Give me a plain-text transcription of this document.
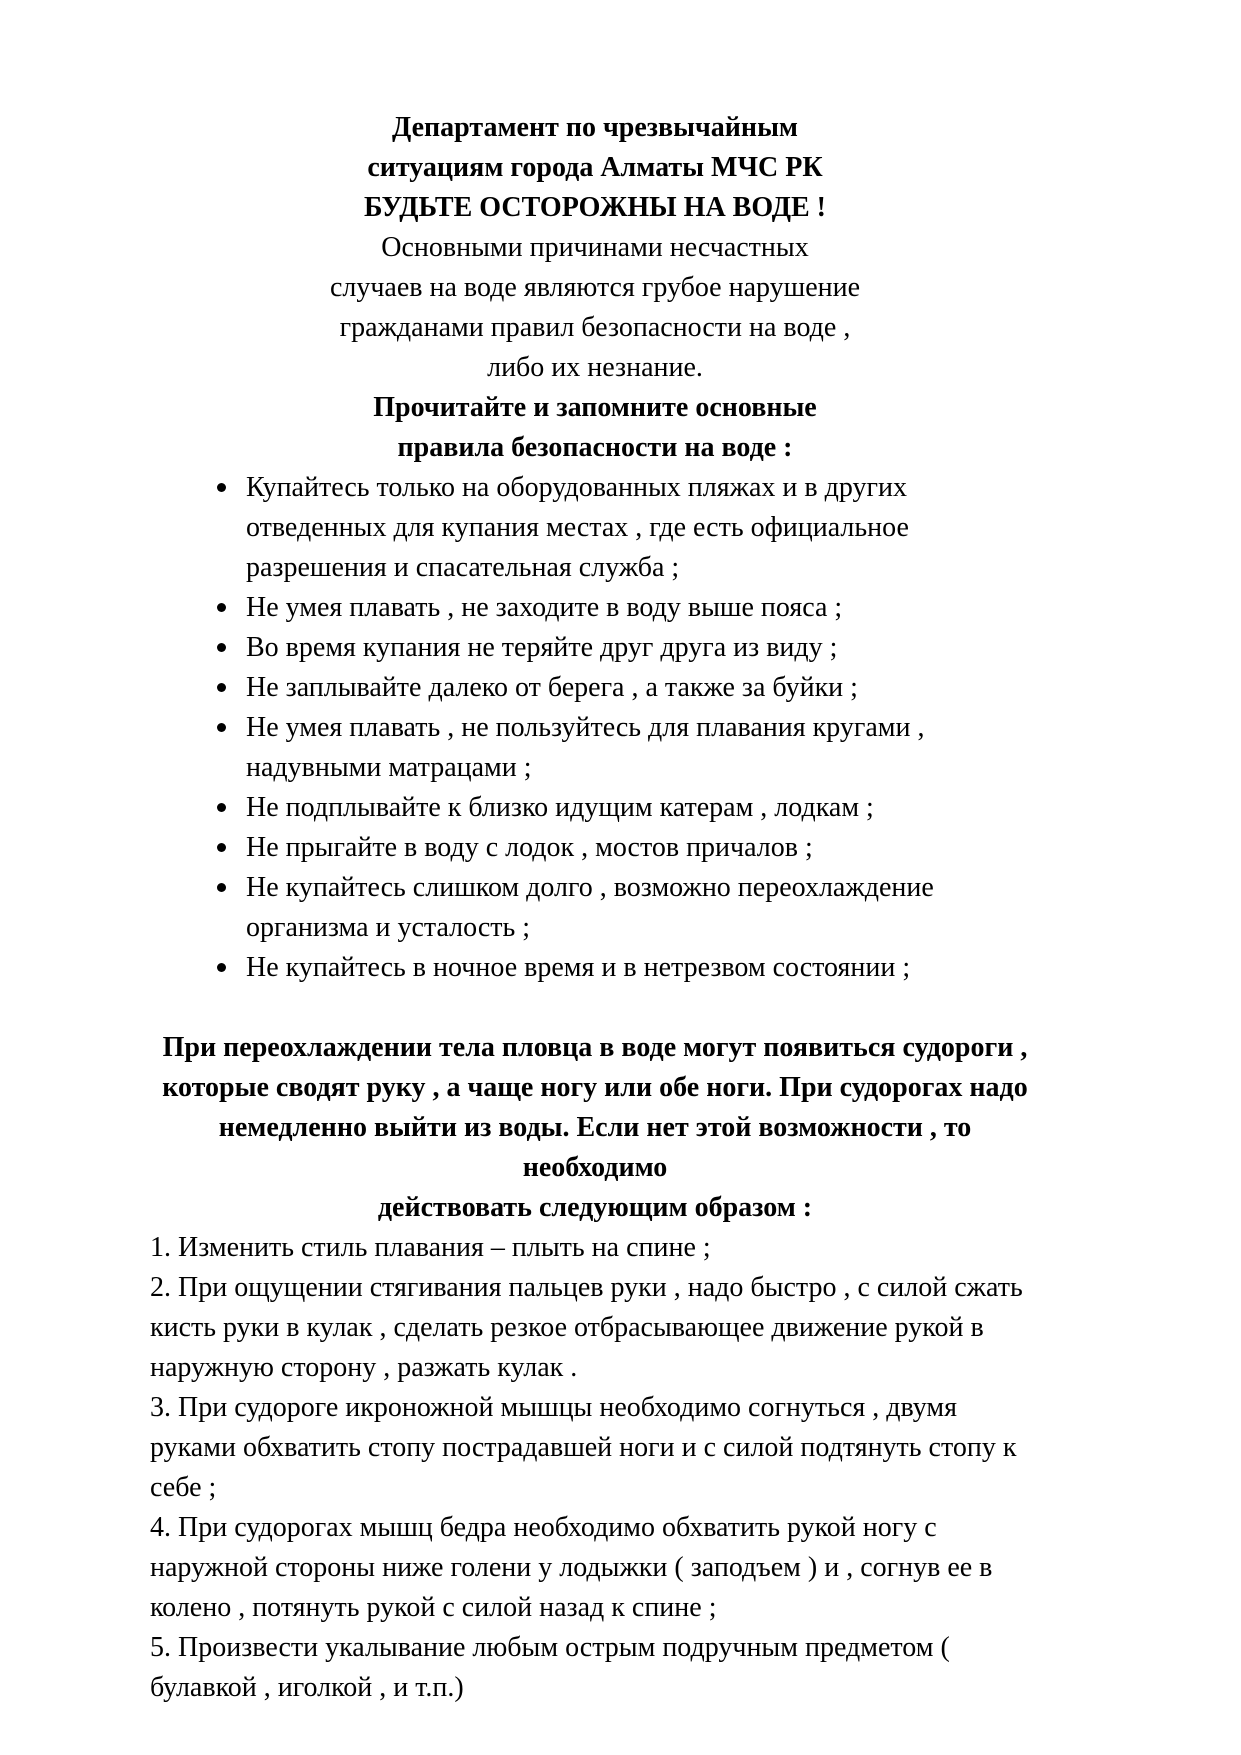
Департамент по чрезвычайным
ситуациям города Алматы МЧС РК
БУДЬТЕ ОСТОРОЖНЫ НА ВОДЕ !
Основными причинами несчастных
случаев на воде являются грубое нарушение
гражданами правил безопасности на воде ,
либо их незнание.
Прочитайте и запомните основные
правила безопасности на воде :
Купайтесь только на оборудованных пляжах и в других отведенных для купания местах , где есть официальное разрешения и спасательная служба ;
Не умея плавать , не заходите в воду выше пояса ;
Во время купания не теряйте друг друга из виду ;
Не заплывайте далеко от берега , а также за буйки ;
Не умея плавать , не пользуйтесь для плавания кругами , надувными матрацами ;
Не подплывайте к близко идущим катерам , лодкам ;
Не прыгайте в воду с лодок , мостов причалов ;
Не купайтесь слишком долго , возможно переохлаждение организма и усталость ;
Не купайтесь в ночное время и в нетрезвом состоянии ;
При переохлаждении тела пловца в воде могут появиться судороги ,
которые сводят руку , а чаще ногу или обе ноги. При судорогах надо
немедленно выйти из воды. Если нет этой возможности , то необходимо
действовать следующим образом :
1. Изменить стиль плавания – плыть на спине ;
2. При ощущении стягивания пальцев руки , надо быстро , с силой сжать кисть руки в кулак , сделать резкое отбрасывающее движение рукой в наружную сторону , разжать кулак .
3. При судороге икроножной мышцы необходимо согнуться , двумя руками обхватить стопу пострадавшей ноги и с силой подтянуть стопу к себе ;
4. При судорогах мышц бедра необходимо обхватить рукой ногу с наружной стороны ниже голени у лодыжки ( заподъем ) и , согнув ее в колено , потянуть рукой с силой назад к спине ;
5. Произвести укалывание любым острым подручным предметом ( булавкой , иголкой , и т.п.)
